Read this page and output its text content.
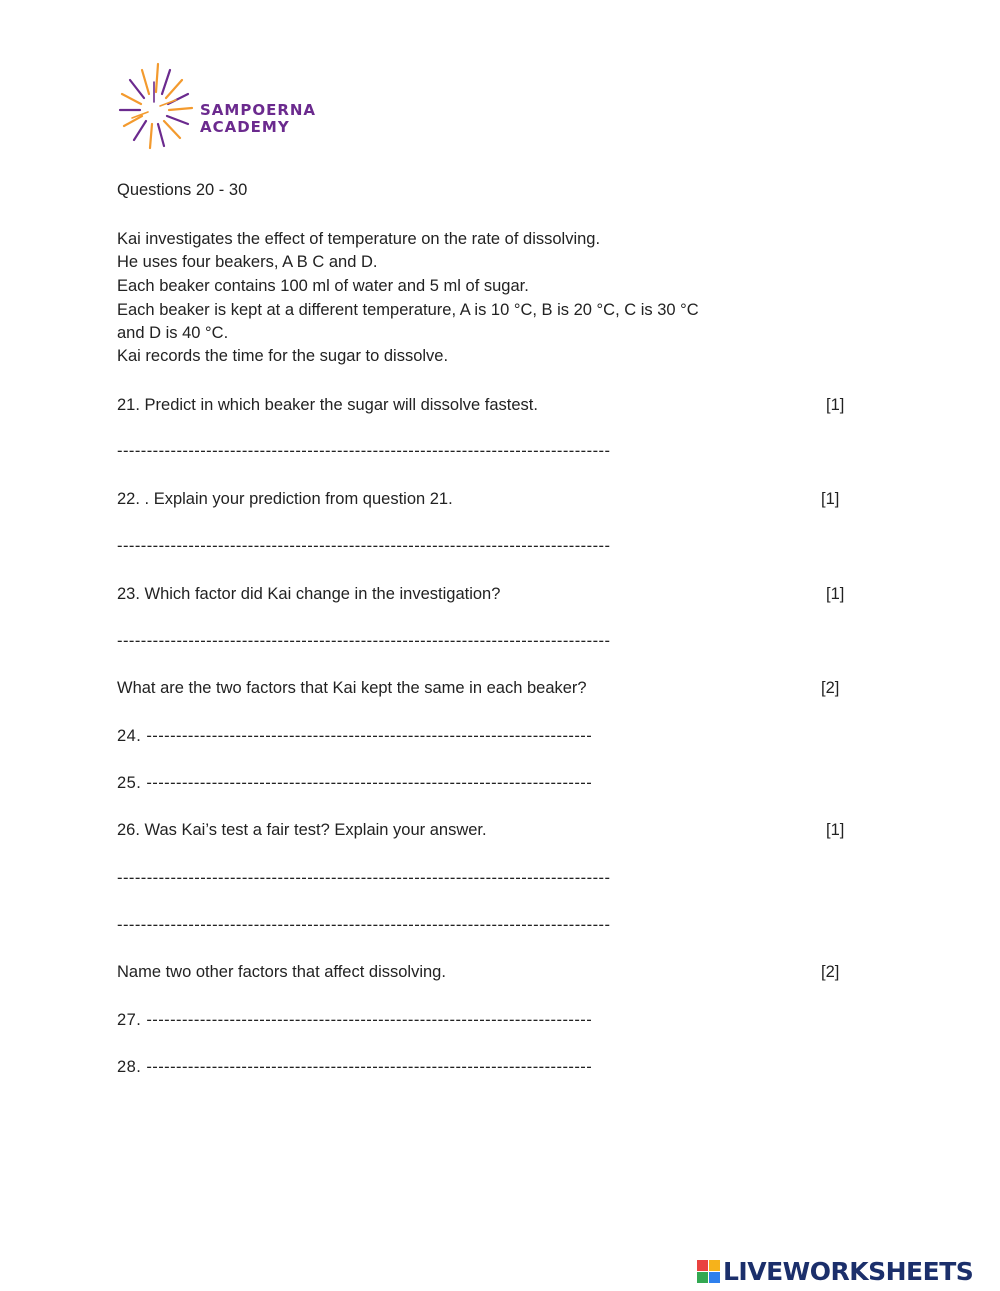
SAMPOERNA
ACADEMY
Questions 20 - 30
Kai investigates the effect of temperature on the rate of dissolving.
He uses four beakers, A B C and D.
Each beaker contains 100 ml of water and 5 ml of sugar.
Each beaker is kept at a different temperature, A is 10 °C, B is 20 °C, C is 30 °C
and D is 40 °C.
Kai records the time for the sugar to dissolve.
21. Predict in which beaker the sugar will dissolve fastest.	[1]
-----------------------------------------------------------------------------------
22. . Explain your prediction from question 21.	[1]
-----------------------------------------------------------------------------------
23. Which factor did Kai change in the investigation?	[1]
-----------------------------------------------------------------------------------
What are the two factors that Kai kept the same in each beaker?	[2]
24. ---------------------------------------------------------------------------
25. ---------------------------------------------------------------------------
26. Was Kai’s test a fair test? Explain your answer.	[1]
-----------------------------------------------------------------------------------
-----------------------------------------------------------------------------------
Name two other factors that affect dissolving.	[2]
27. ---------------------------------------------------------------------------
28. ---------------------------------------------------------------------------
LIVEWORKSHEETS
